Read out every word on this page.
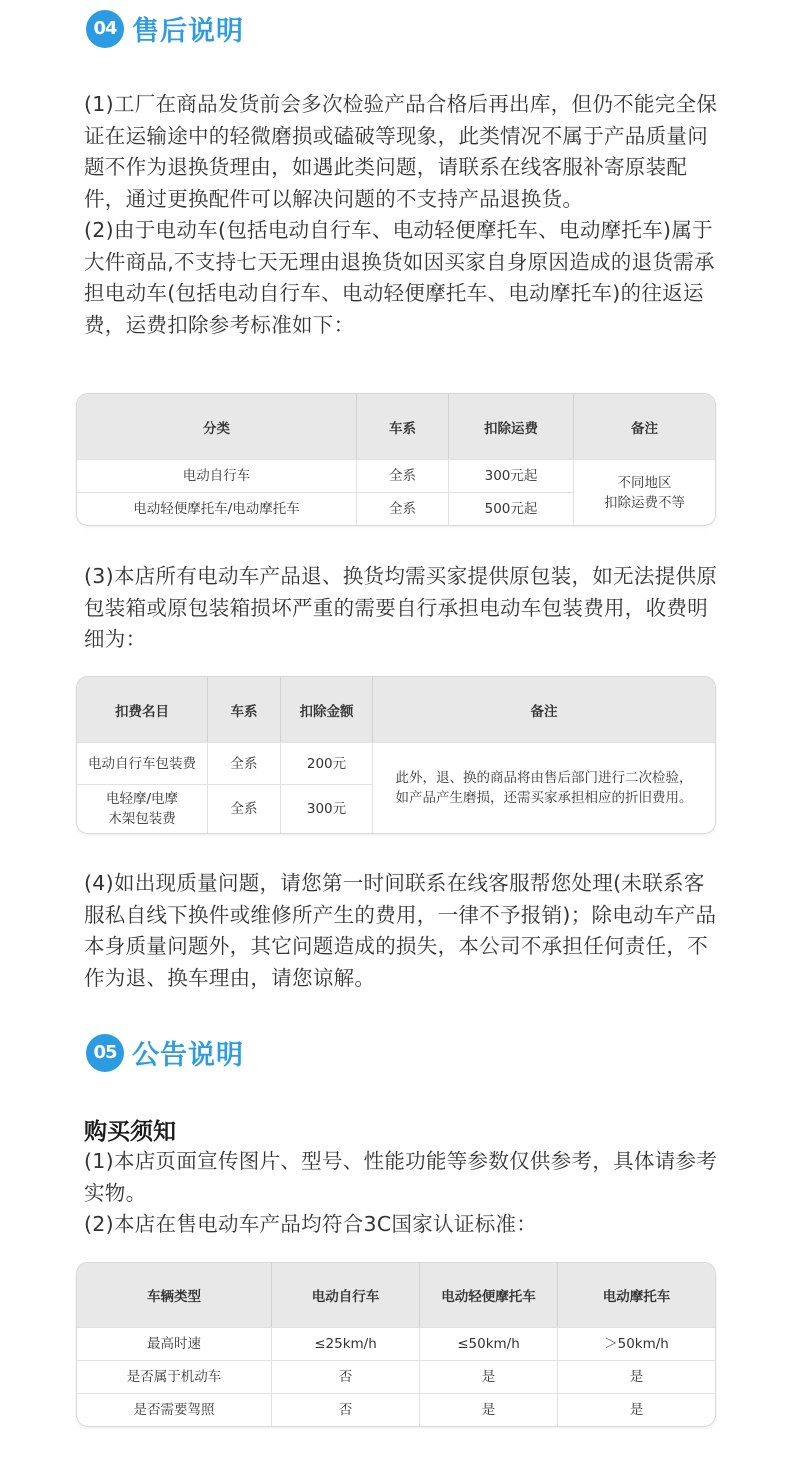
04 售后说明

(1)工厂在商品发货前会多次检验产品合格后再出库，但仍不能完全保证在运输途中的轻微磨损或磕破等现象，此类情况不属于产品质量问题不作为退换货理由，如遇此类问题，请联系在线客服补寄原装配件，通过更换配件可以解决问题的不支持产品退换货。

(2)由于电动车(包括电动自行车、电动轻便摩托车、电动摩托车)属于大件商品,不支持七天无理由退换货如因买家自身原因造成的退货需承担电动车(包括电动自行车、电动轻便摩托车、电动摩托车)的往返运费，运费扣除参考标准如下：

分类	车系	扣除运费	备注
电动自行车	全系	300元起	不同地区
扣除运费不等

电动轻便摩托车/电动摩托车	全系	500元起	

(3)本店所有电动车产品退、换货均需买家提供原包装，如无法提供原包装箱或原包装箱损坏严重的需要自行承担电动车包装费用，收费明细为：

扣费名目	车系	扣除金额	备注
电动自行车包装费	全系	200元	此外，退、换的商品将由售后部门进行二次检验，
如产品产生磨损，还需买家承担相应的折旧费用。

电轻摩/电摩
木架包装费	全系	300元	

(4)如出现质量问题，请您第一时间联系在线客服帮您处理(未联系客服私自线下换件或维修所产生的费用，一律不予报销)；除电动车产品本身质量问题外，其它问题造成的损失，本公司不承担任何责任，不作为退、换车理由，请您谅解。

05 公告说明
购买须知

(1)本店页面宣传图片、型号、性能功能等参数仅供参考，具体请参考实物。

(2)本店在售电动车产品均符合3C国家认证标准：

车辆类型	电动自行车	电动轻便摩托车	电动摩托车
最高时速	≤25km/h	≤50km/h	＞50km/h
是否属于机动车	否	是	是
是否需要驾照	否	是	是
